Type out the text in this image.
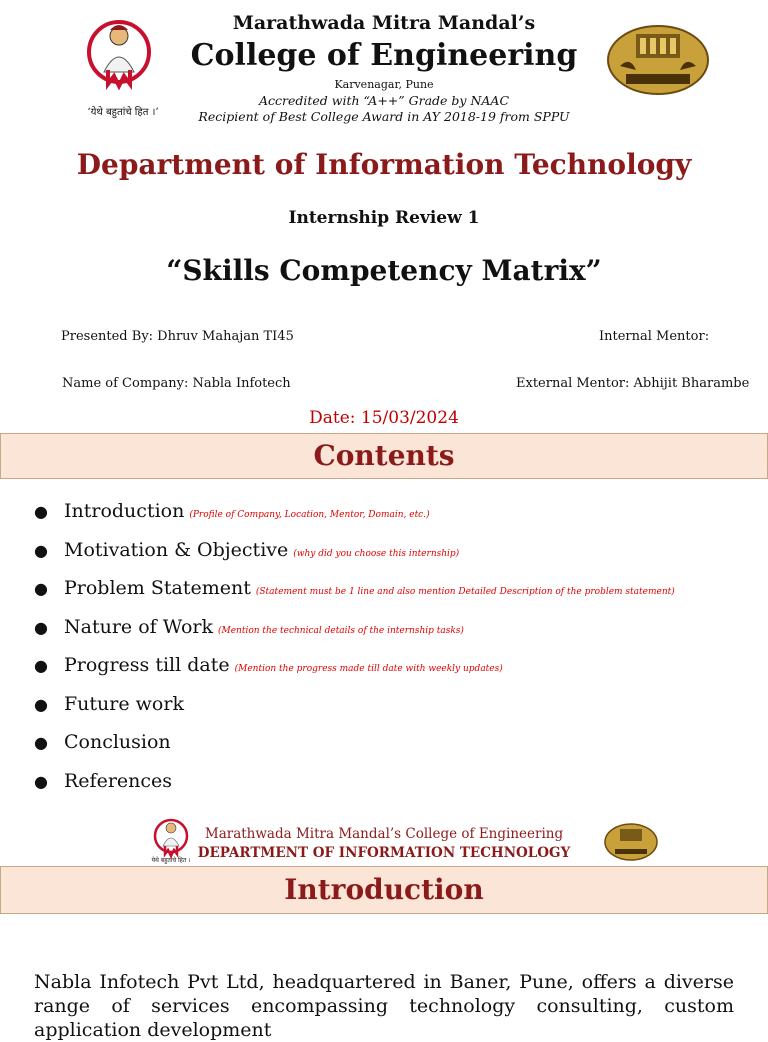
‘येथे बहुतांचे हित ।’
Marathwada Mitra Mandal’s
College of Engineering
Karvenagar, Pune
Accredited with “A++” Grade by NAAC
Recipient of Best College Award in AY 2018-19 from SPPU
Department of Information Technology
Internship Review 1
“Skills Competency Matrix”
Presented By: Dhruv Mahajan TI45	Internal Mentor:
Name of Company: Nabla Infotech	External Mentor: Abhijit Bharambe
Date: 15/03/2024
Contents
● Introduction (Profile of Company, Location, Mentor, Domain, etc.)
● Motivation & Objective (why did you choose this internship)
● Problem Statement (Statement must be 1 line and also mention Detailed Description of the problem statement)
● Nature of Work (Mention the technical details of the internship tasks)
● Progress till date (Mention the progress made till date with weekly updates)
● Future work
● Conclusion
● References
येथे बहुतांचे हित ।
Marathwada Mitra Mandal’s College of Engineering
DEPARTMENT OF INFORMATION TECHNOLOGY
Introduction
Nabla Infotech Pvt Ltd, headquartered in Baner, Pune, offers a diverse range of services encompassing technology consulting, custom application development
